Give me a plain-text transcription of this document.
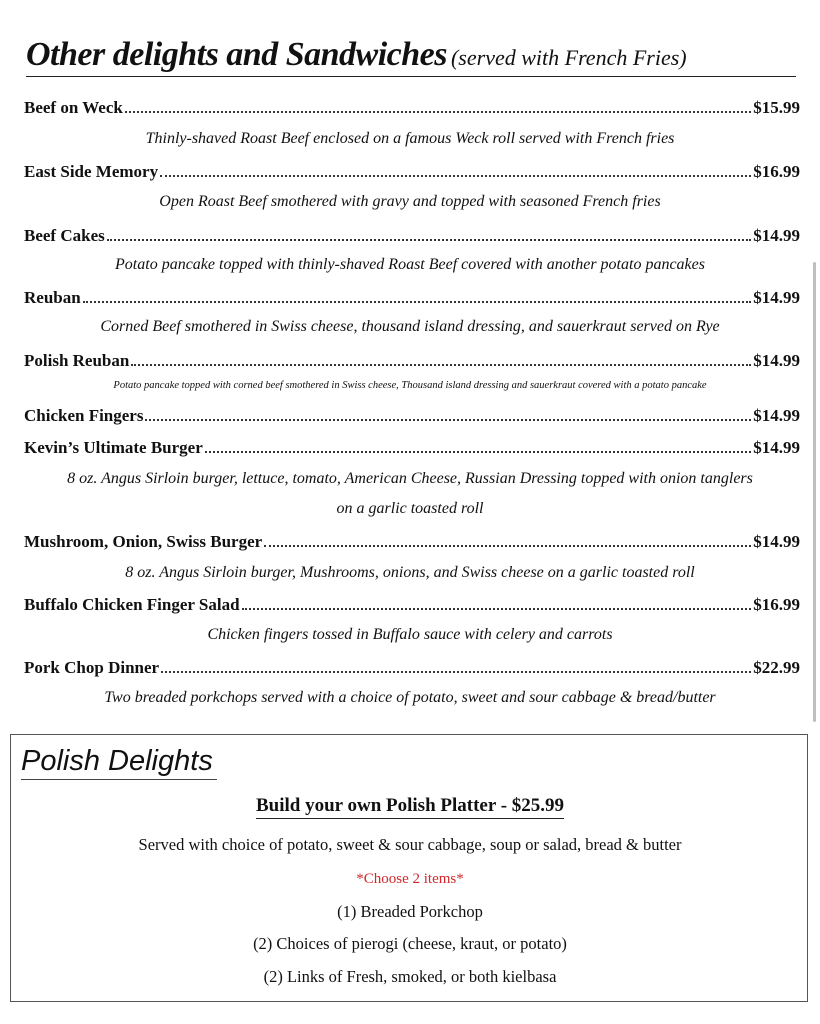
Other delights and Sandwiches (served with French Fries)
Beef on Weck	$15.99
Thinly-shaved Roast Beef enclosed on a famous Weck roll served with French fries
East Side Memory	$16.99
Open Roast Beef smothered with gravy and topped with seasoned French fries
Beef Cakes	$14.99
Potato pancake topped with thinly-shaved Roast Beef covered with another potato pancakes
Reuban	$14.99
Corned Beef smothered in Swiss cheese, thousand island dressing, and sauerkraut served on Rye
Polish Reuban	$14.99
Potato pancake topped with corned beef smothered in Swiss cheese, Thousand island dressing and sauerkraut covered with a potato pancake
Chicken Fingers	$14.99
Kevin’s Ultimate Burger	$14.99
8 oz. Angus Sirloin burger, lettuce, tomato, American Cheese, Russian Dressing topped with onion tanglers
on a garlic toasted roll
Mushroom, Onion, Swiss Burger	$14.99
8 oz. Angus Sirloin burger, Mushrooms, onions, and Swiss cheese on a garlic toasted roll
Buffalo Chicken Finger Salad	$16.99
Chicken fingers tossed in Buffalo sauce with celery and carrots
Pork Chop Dinner	$22.99
Two breaded porkchops served with a choice of potato, sweet and sour cabbage & bread/butter
Polish Delights
Build your own Polish Platter - $25.99
Served with choice of potato, sweet & sour cabbage, soup or salad, bread & butter
*Choose 2 items*
(1) Breaded Porkchop
(2) Choices of pierogi (cheese, kraut, or potato)
(2) Links of Fresh, smoked, or both kielbasa
